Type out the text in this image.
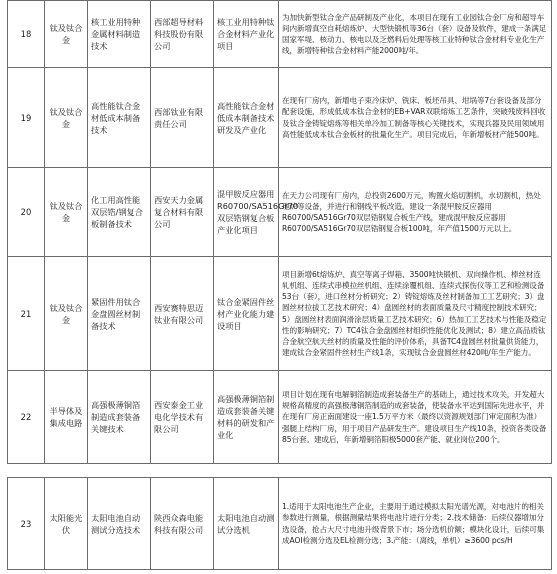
18	钛及钛合金	核工业用特种金属材料制造技术	西部超导材料科技股份有限公司	核工业用特种钛合金材料产业化项目	为加快新型钛合金产品研制及产业化，本项目在现有工业园钛合金厂房和超导车间内新增真空自耗熔炼炉、大型快锻机等36台（套）设备及软件，建成一条满足国家军堤、核动力、核电以及乏燃料后处理等核工业特种钛合金材料专业化生产线，新增特种钛合金材料产能2000吨/年。
19	钛及钛合金	高性能钛合金材低成本制备技术	西部钛业有限责任公司	高性能钛合金材低成本制备技术研发及产业化	在现有厂房内，新增电子束冷床炉、铣床、板坯吊具、坩埚等7台套设备及部分配套设施，形成低成本钛合金材的EB+VAR双联熔炼工艺条件，突破残废料回收及钛合金铸锭熔炼等相关单冷加工制备等核心关键技术，实现兵器及民用领域用高性能低成本钛合金板材的批量化生产。项目完成后，年新增板材产能500吨。
20	钛及钛合金	化工用高性能双层锆/钢复合板制备技术	西安天力金属复合材料有限公司	混甲胺反应器用R60700/SA516Gr70双层锆钢复合板产业化项目	在天力公司现有厂房内，总投资2600万元，购置火焰切割机，水切割机，热处理炉等设备，并进行和钢线平板改造，建设一条混甲胺反应器用R60700/SA516Gr70双层锆钢复合板生产线，建成混甲胺反应器用R60700/SA516Gr70双层锆钢复合板100吨，年产值1500万元以上。
21	钛及钛合金	紧固件用钛合金盘圆丝材制备技术	西安赛特思迈钛业有限公司	钛合金紧固件丝材产业化能力建设项目	项目新增6t熔炼炉、真空等离子焊箱、3500吨快锻机、双向操作机、棒丝材连轧机组、连续式串模拉丝机组、连续涂覆机组、连续式探伤仪等工艺和检测设备53台（套），进口丝材分析研究；2）铸锭熔炼及丝材制备加工工艺研究；3）盘圆丝材拉拔工艺技术研究；4）盘圆丝材的表面质量及尺寸精度控制技术研究；5）盘圆丝材表面润滑涂层质量工艺技术研究；6）热加工工艺技术与性能及稳定性的影响研究；7）TC4钛合金盘圆丝材组织性能优化及测试；8）建立高品质钛合金航空航天丝材的质量及性能的评价体系，具备TC4盘圆丝材批量供货能力，建成钛合金紧固件丝材生产线1条，实现钛合金盘圆丝材420吨/年生产能力。
22	半导体及集成电路	高强极薄铜箔制造成套装备关键技术	西安泰金工业电化学技术有限公司	高强极薄铜箔制造成套装备关键材料的研发和产业化	项目计划在现有电解铜箔制造成套装备生产的基础上，通过技术攻关，开发超大规格高精度的高强极薄铜箔制造的成套装备，使装备水平达到国际先进水平，并在现有厂房正南面建设一座1.5万平方米（最终以资源规划部门审定面积为准）强腿上结构厂房，用于项目产品研发生产。建设项目生产线10条，投资各类设备85台套。建成后，年新增铜箔阳极5000套产能、就业岗位200个。
23	太阳能光伏	太阳电池自动测试分选技术	陕西众森电能科技有限公司	太阳电池自动测试分选机	1.适用于太阳电池生产企业，主要用于通过模拟太阳光谱光源，对电池片的相关参数进行测量，根据测量结果将电池片进行分类；2.技术储备：后续仪器增加分选设备，抢占大尺寸电池升级背景下市；场分选机价额；模块化设计，后续可集成AOI检测分选及EL检测分选；3.产能：（离线，单机）≥3600 pcs/H
